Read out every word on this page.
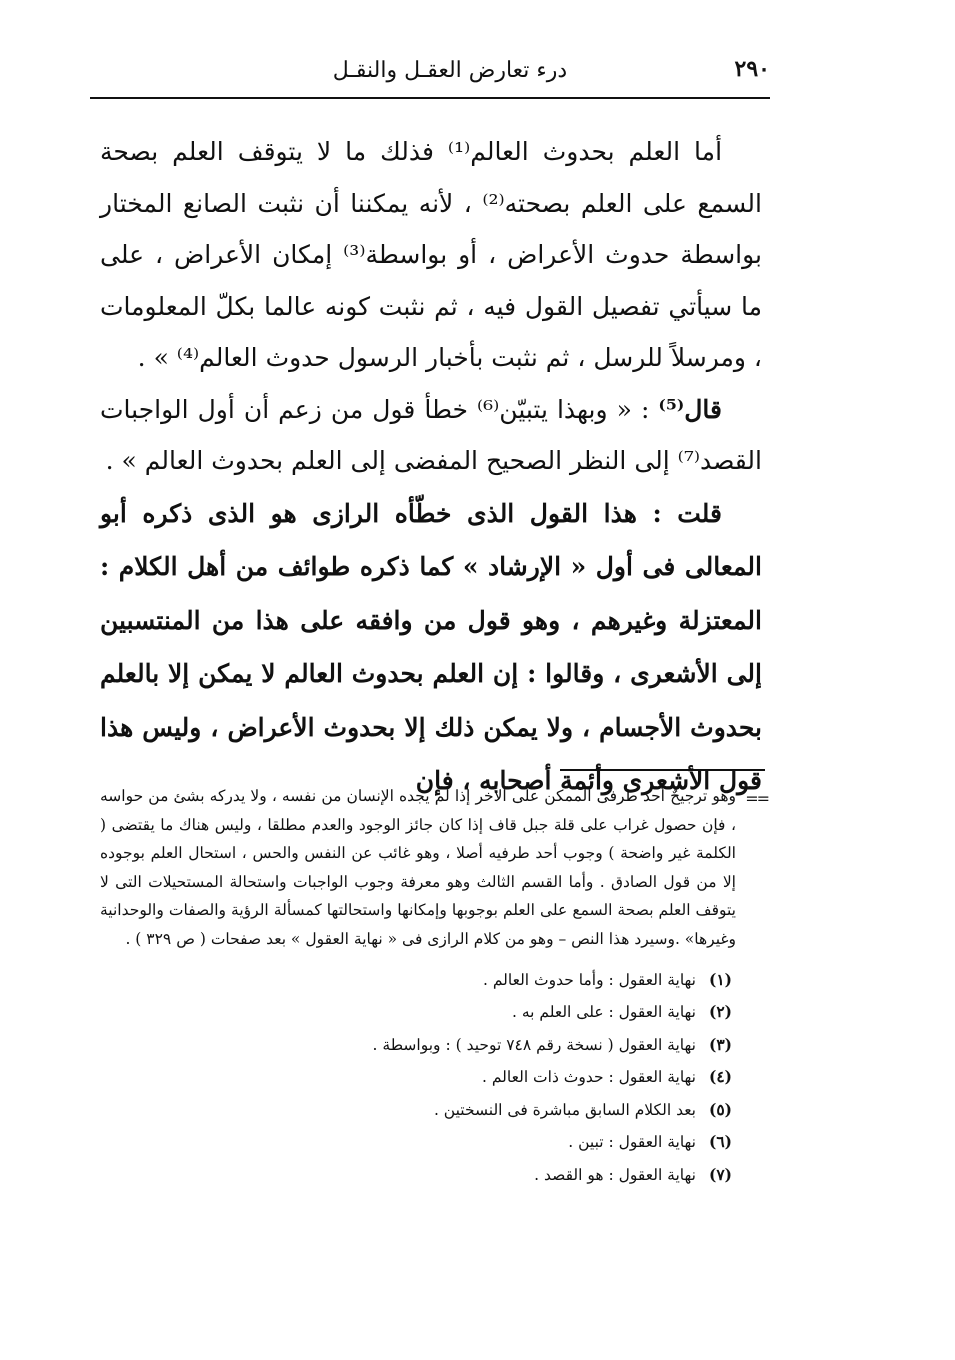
٢٩٠
درء تعارض العقـل والنقـل

أما العلم بحدوث العالم⁽¹⁾ فذلك ما لا يتوقف العلم بصحة السمع على العلم بصحته⁽²⁾ ، لأنه يمكننا أن نثبت الصانع المختار بواسطة حدوث الأعراض ، أو بواسطة⁽³⁾ إمكان الأعراض ، على ما سيأتي تفصيل القول فيه ، ثم نثبت كونه عالما بكلّ المعلومات ، ومرسلاً للرسل ، ثم نثبت بأخبار الرسول حدوث العالم⁽⁴⁾ » .

قال⁽⁵⁾ : « وبهذا يتبيّن⁽⁶⁾ خطأ قول من زعم أن أول الواجبات القصد⁽⁷⁾ إلى النظر الصحيح المفضى إلى العلم بحدوث العالم » .

قلت : هذا القول الذى خطّأه الرازى هو الذى ذكره أبو المعالى فى أول « الإرشاد » كما ذكره طوائف من أهل الكلام : المعتزلة وغيرهم ، وهو قول من وافقه على هذا من المنتسبين إلى الأشعرى ، وقالوا : إن العلم بحدوث العالم لا يمكن إلا بالعلم بحدوث الأجسام ، ولا يمكن ذلك إلا بحدوث الأعراض ، وليس هذا قول الأشعرى وأئمة أصحابه ، فإن

==
وهو ترجيحٌ أحد طرفى الممكن على الآخر إذا لم يجده الإنسان من نفسه ، ولا يدركه بشئ من حواسه ، فإن حصول غراب على قلة جبل قاف إذا كان جائز الوجود والعدم مطلقا ، وليس هناك ما يقتضى ( الكلمة غير واضحة ) وجوب أحد طرفيه أصلا ، وهو غائب عن النفس والحس ، استحال العلم بوجوده إلا من قول الصادق . وأما القسم الثالث وهو معرفة وجوب الواجبات واستحالة المستحيلات التى لا يتوقف العلم بصحة السمع على العلم بوجوبها وإمكانها واستحالتها كمسألة الرؤية والصفات والوحدانية وغيرها» .وسيرد هذا النص – وهو من كلام الرازى فى « نهاية العقول » بعد صفحات ( ص ٣٢٩ ) .

(١)نهاية العقول : وأما حدوث العالم .
(٢)نهاية العقول : على العلم به .
(٣)نهاية العقول ( نسخة رقم ٧٤٨ توحيد ) : وبواسطة .
(٤)نهاية العقول : حدوث ذات العالم .
(٥)بعد الكلام السابق مباشرة فى النسختين .
(٦)نهاية العقول : تبين .
(٧)نهاية العقول : هو القصد .
